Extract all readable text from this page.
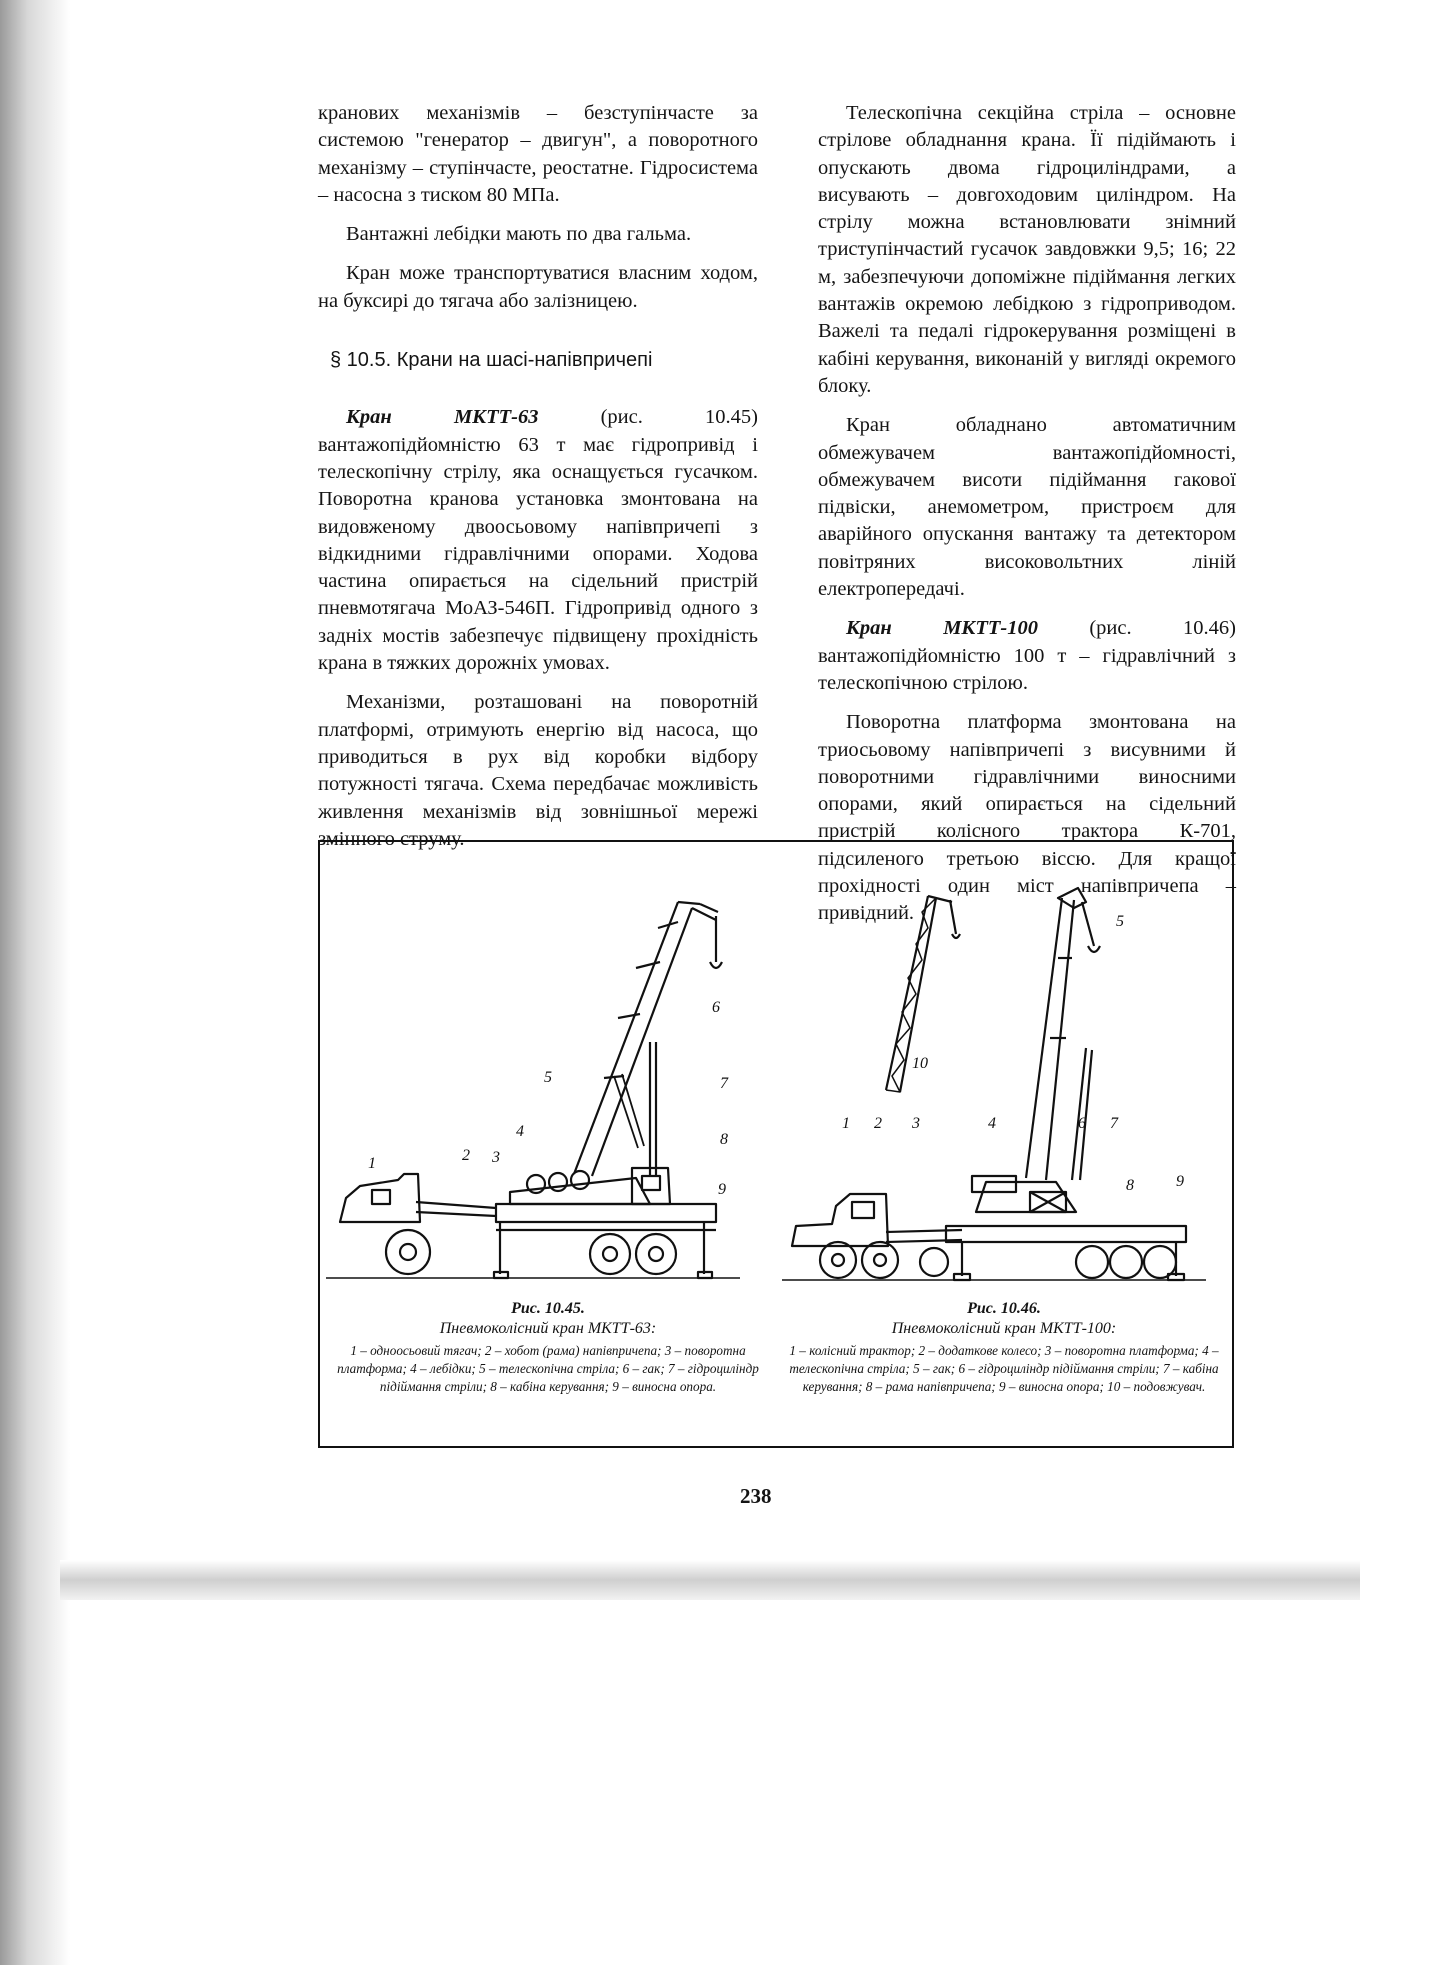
кранових механізмів – безступінчасте за системою "генератор – двигун", а поворотного механізму – ступінчасте, реостатне. Гідросистема – насосна з тиском 80 МПа.

Вантажні лебідки мають по два гальма.

Кран може транспортуватися власним ходом, на буксирі до тягача або залізницею.

§ 10.5. Крани на шасі-напівпричепі

Кран МКТТ-63 (рис. 10.45) вантажопідйомністю 63 т має гідропривід і телескопічну стрілу, яка оснащується гусачком. Поворотна кранова установка змонтована на видовженому двоосьовому напівпричепі з відкидними гідравлічними опорами. Ходова частина опирається на сідельний пристрій пневмотягача МоАЗ-546П. Гідропривід одного з задніх мостів забезпечує підвищену прохідність крана в тяжких дорожніх умовах.

Механізми, розташовані на поворотній платформі, отримують енергію від насоса, що приводиться в рух від коробки відбору потужності тягача. Схема передбачає можливість живлення механізмів від зовнішньої мережі змінного струму.

Телескопічна секційна стріла – основне стрілове обладнання крана. Її підіймають і опускають двома гідроциліндрами, а висувають – довгоходовим циліндром. На стрілу можна встановлювати знімний триступінчастий гусачок завдовжки 9,5; 16; 22 м, забезпечуючи допоміжне підіймання легких вантажів окремою лебідкою з гідроприводом. Важелі та педалі гідрокерування розміщені в кабіні керування, виконаній у вигляді окремого блоку.

Кран обладнано автоматичним обмежувачем вантажопідйомності, обмежувачем висоти підіймання гакової підвіски, анемометром, пристроєм для аварійного опускання вантажу та детектором повітряних високовольтних ліній електропередачі.

Кран МКТТ-100 (рис. 10.46) вантажопідйомністю 100 т – гідравлічний з телескопічною стрілою.

Поворотна платформа змонтована на триосьовому напівпричепі з висувними й поворотними гідравлічними виносними опорами, який опирається на сідельний пристрій колісного трактора К-701, підсиленого третьою віссю. Для кращої прохідності один міст напівпричепа – привідний.

1	2 3
4
5
6
7
8
9
Рис. 10.45.
Пневмоколісний кран МКТТ-63:
1 – одноосьовий тягач; 2 – хобот (рама) напівпричепа; 3 – поворотна платформа; 4 – лебідки; 5 – телескопічна стріла; 6 – гак; 7 – гідроциліндр підіймання стріли; 8 – кабіна керування; 9 – виносна опора.
1 2 3	4
5
6 7
8	9
10
Рис. 10.46.
Пневмоколісний кран МКТТ-100:
1 – колісний трактор; 2 – додаткове колесо; 3 – поворотна платформа; 4 – телескопічна стріла; 5 – гак; 6 – гідроциліндр підіймання стріли; 7 – кабіна керування; 8 – рама напівпричепа; 9 – виносна опора; 10 – подовжувач.
238
